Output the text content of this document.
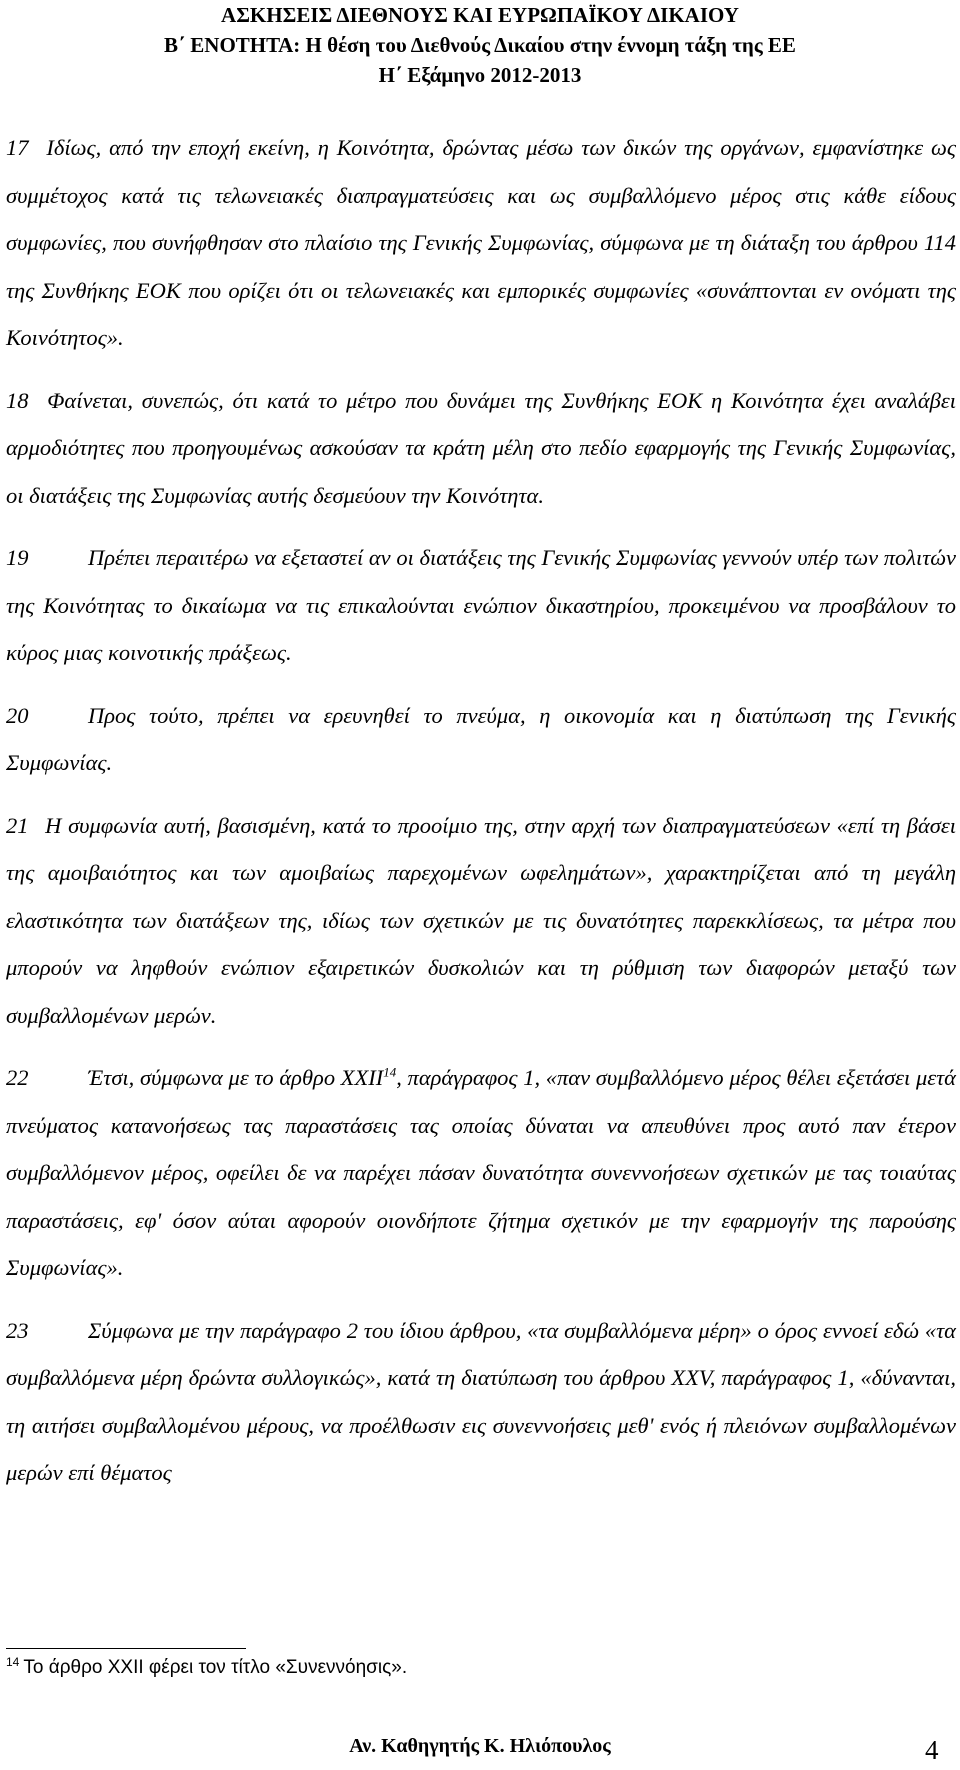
ΑΣΚΗΣΕΙΣ ΔΙΕΘΝΟΥΣ ΚΑΙ ΕΥΡΩΠΑΪΚΟΥ ΔΙΚΑΙΟΥ
Β΄ ΕΝΟΤΗΤΑ: Η θέση του Διεθνούς Δικαίου στην έννομη τάξη της ΕΕ
Η΄ Εξάμηνο 2012-2013

17 Ιδίως, από την εποχή εκείνη, η Κοινότητα, δρώντας μέσω των δικών της οργάνων, εμφανίστηκε ως συμμέτοχος κατά τις τελωνειακές διαπραγματεύσεις και ως συμβαλλόμενο μέρος στις κάθε είδους συμφωνίες, που συνήφθησαν στο πλαίσιο της Γενικής Συμφωνίας, σύμφωνα με τη διάταξη του άρθρου 114 της Συνθήκης ΕΟΚ που ορίζει ότι οι τελωνειακές και εμπορικές συμφωνίες «συνάπτονται εν ονόματι της Κοινότητος».

18 Φαίνεται, συνεπώς, ότι κατά το μέτρο που δυνάμει της Συνθήκης ΕΟΚ η Κοινότητα έχει αναλάβει αρμοδιότητες που προηγουμένως ασκούσαν τα κράτη μέλη στο πεδίο εφαρμογής της Γενικής Συμφωνίας, οι διατάξεις της Συμφωνίας αυτής δεσμεύουν την Κοινότητα.

19	Πρέπει περαιτέρω να εξεταστεί αν οι διατάξεις της Γενικής Συμφωνίας γεννούν υπέρ των πολιτών της Κοινότητας το δικαίωμα να τις επικαλούνται ενώπιον δικαστηρίου, προκειμένου να προσβάλουν το κύρος μιας κοινοτικής πράξεως.

20	Προς τούτο, πρέπει να ερευνηθεί το πνεύμα, η οικονομία και η διατύπωση της Γενικής Συμφωνίας.

21 Η συμφωνία αυτή, βασισμένη, κατά το προοίμιο της, στην αρχή των διαπραγματεύσεων «επί τη βάσει της αμοιβαιότητος και των αμοιβαίως παρεχομένων ωφελημάτων», χαρακτηρίζεται από τη μεγάλη ελαστικότητα των διατάξεων της, ιδίως των σχετικών με τις δυνατότητες παρεκκλίσεως, τα μέτρα που μπορούν να ληφθούν ενώπιον εξαιρετικών δυσκολιών και τη ρύθμιση των διαφορών μεταξύ των συμβαλλομένων μερών.

22	Έτσι, σύμφωνα με το άρθρο XXII$^{14}$, παράγραφος 1, «παν συμβαλλόμενο μέρος θέλει εξετάσει μετά πνεύματος κατανοήσεως τας παραστάσεις τας οποίας δύναται να απευθύνει προς αυτό παν έτερον συμβαλλόμενον μέρος, οφείλει δε να παρέχει πάσαν δυνατότητα συνεννοήσεων σχετικών με τας τοιαύτας παραστάσεις, εφ' όσον αύται αφορούν οιονδήποτε ζήτημα σχετικόν με την εφαρμογήν της παρούσης Συμφωνίας».

23	Σύμφωνα με την παράγραφο 2 του ίδιου άρθρου, «τα συμβαλλόμενα μέρη» ο όρος εννοεί εδώ «τα συμβαλλόμενα μέρη δρώντα συλλογικώς», κατά τη διατύπωση του άρθρου XXV, παράγραφος 1, «δύνανται, τη αιτήσει συμβαλλομένου μέρους, να προέλθωσιν εις συνεννοήσεις μεθ' ενός ή πλειόνων συμβαλλομένων μερών επί θέματος

$^{14}$ Το άρθρο XXII φέρει τον τίτλο «Συνεννόησις».
Αν. Καθηγητής Κ. Ηλιόπουλος	4
